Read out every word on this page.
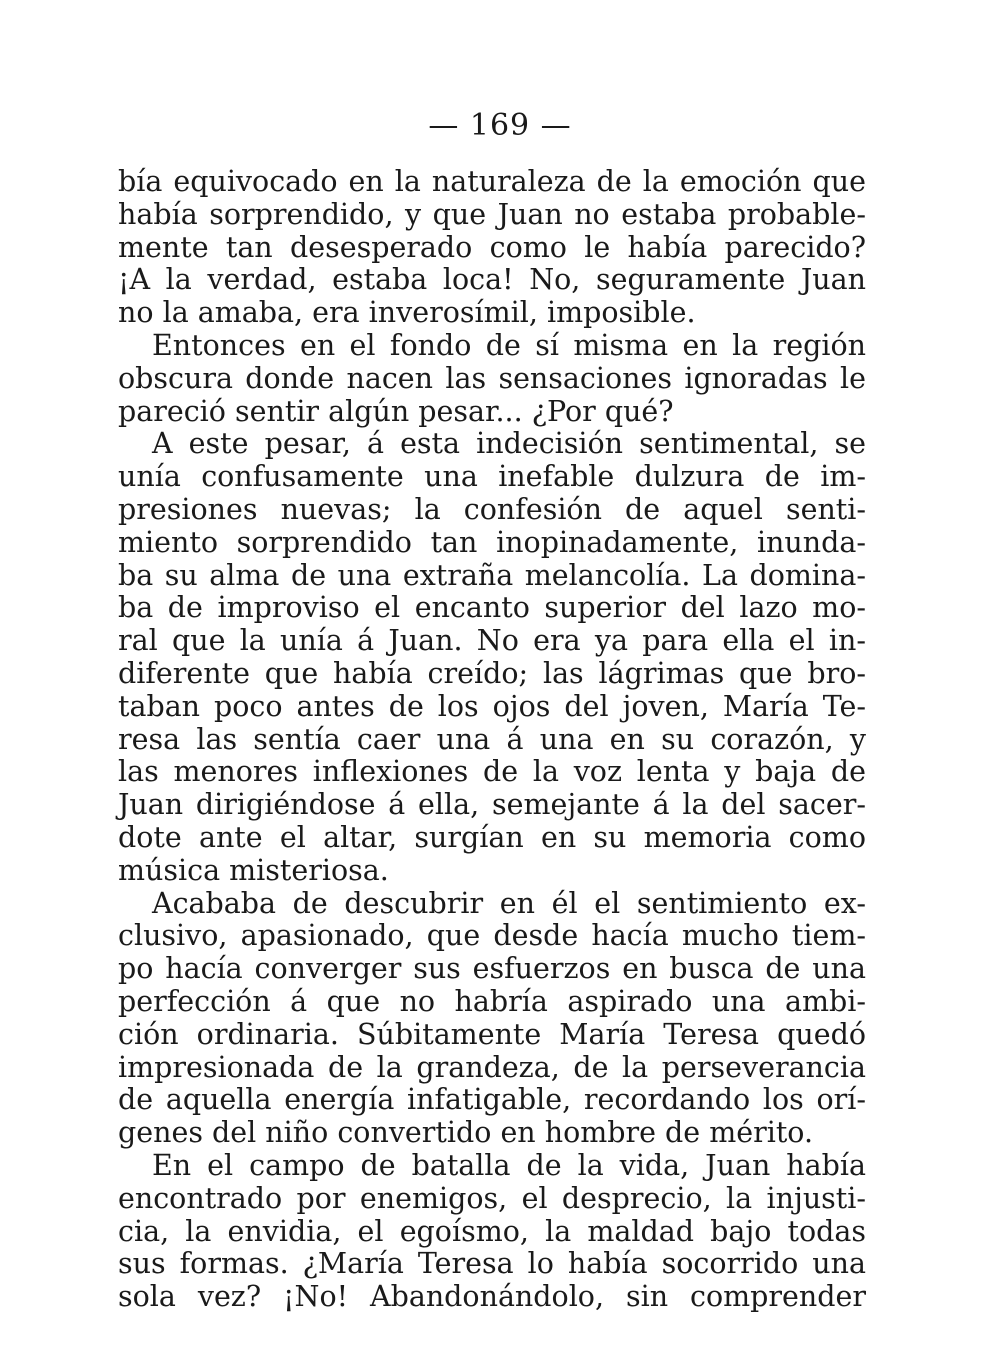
— 169 —
bía equivocado en la naturaleza de la emoción que
había sorprendido, y que Juan no estaba probable-
mente tan desesperado como le había parecido?
¡A la verdad, estaba loca! No, seguramente Juan
no la amaba, era inverosímil, imposible.
Entonces en el fondo de sí misma en la región
obscura donde nacen las sensaciones ignoradas le
pareció sentir algún pesar... ¿Por qué?
A este pesar, á esta indecisión sentimental, se
unía confusamente una inefable dulzura de im-
presiones nuevas; la confesión de aquel senti-
miento sorprendido tan inopinadamente, inunda-
ba su alma de una extraña melancolía. La domina-
ba de improviso el encanto superior del lazo mo-
ral que la unía á Juan. No era ya para ella el in-
diferente que había creído; las lágrimas que bro-
taban poco antes de los ojos del joven, María Te-
resa las sentía caer una á una en su corazón, y
las menores inflexiones de la voz lenta y baja de
Juan dirigiéndose á ella, semejante á la del sacer-
dote ante el altar, surgían en su memoria como
música misteriosa.
Acababa de descubrir en él el sentimiento ex-
clusivo, apasionado, que desde hacía mucho tiem-
po hacía converger sus esfuerzos en busca de una
perfección á que no habría aspirado una ambi-
ción ordinaria. Súbitamente María Teresa quedó
impresionada de la grandeza, de la perseverancia
de aquella energía infatigable, recordando los orí-
genes del niño convertido en hombre de mérito.
En el campo de batalla de la vida, Juan había
encontrado por enemigos, el desprecio, la injusti-
cia, la envidia, el egoísmo, la maldad bajo todas
sus formas. ¿María Teresa lo había socorrido una
sola vez? ¡No! Abandonándolo, sin comprender
